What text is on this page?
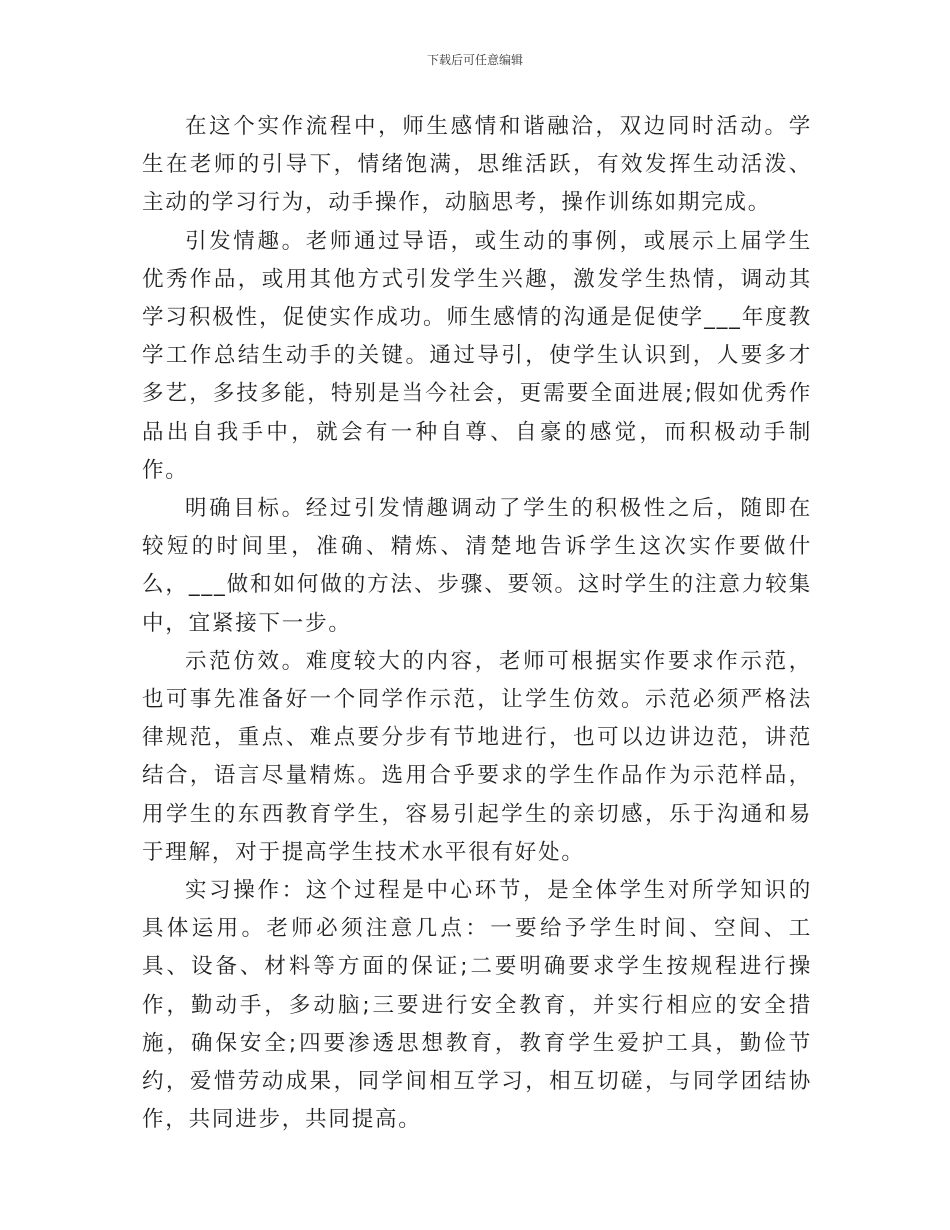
下载后可任意编辑

在这个实作流程中，师生感情和谐融洽，双边同时活动。学生在老师的引导下，情绪饱满，思维活跃，有效发挥生动活泼、主动的学习行为，动手操作，动脑思考，操作训练如期完成。

引发情趣。老师通过导语，或生动的事例，或展示上届学生优秀作品，或用其他方式引发学生兴趣，激发学生热情，调动其学习积极性，促使实作成功。师生感情的沟通是促使学___年度教学工作总结生动手的关键。通过导引，使学生认识到，人要多才多艺，多技多能，特别是当今社会，更需要全面进展;假如优秀作品出自我手中，就会有一种自尊、自豪的感觉，而积极动手制作。

明确目标。经过引发情趣调动了学生的积极性之后，随即在较短的时间里，准确、精炼、清楚地告诉学生这次实作要做什么，___做和如何做的方法、步骤、要领。这时学生的注意力较集中，宜紧接下一步。

示范仿效。难度较大的内容，老师可根据实作要求作示范，也可事先准备好一个同学作示范，让学生仿效。示范必须严格法律规范，重点、难点要分步有节地进行，也可以边讲边范，讲范结合，语言尽量精炼。选用合乎要求的学生作品作为示范样品，用学生的东西教育学生，容易引起学生的亲切感，乐于沟通和易于理解，对于提高学生技术水平很有好处。

实习操作：这个过程是中心环节，是全体学生对所学知识的具体运用。老师必须注意几点：一要给予学生时间、空间、工具、设备、材料等方面的保证;二要明确要求学生按规程进行操作，勤动手，多动脑;三要进行安全教育，并实行相应的安全措施，确保安全;四要渗透思想教育，教育学生爱护工具，勤俭节约，爱惜劳动成果，同学间相互学习，相互切磋，与同学团结协作，共同进步，共同提高。
